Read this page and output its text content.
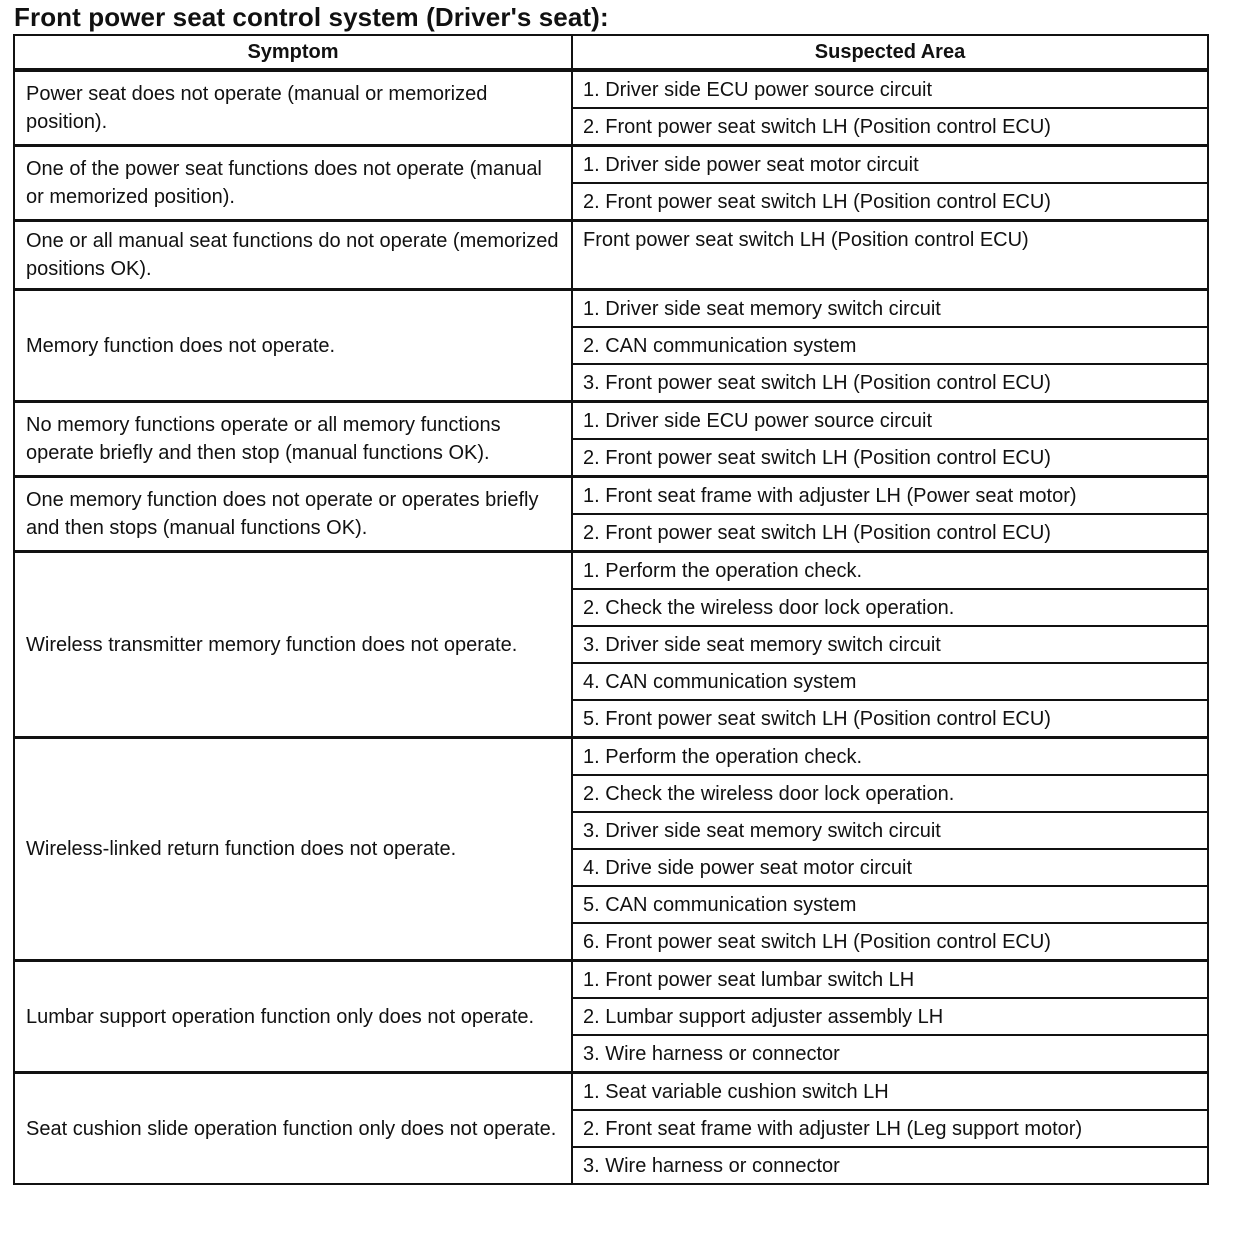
Front power seat control system (Driver's seat):
Symptom	Suspected Area
Power seat does not operate (manual or memorized position).	1. Driver side ECU power source circuit
	2. Front power seat switch LH (Position control ECU)
One of the power seat functions does not operate (manual or memorized position).	1. Driver side power seat motor circuit
	2. Front power seat switch LH (Position control ECU)
One or all manual seat functions do not operate (memorized positions OK).	Front power seat switch LH (Position control ECU)
Memory function does not operate.	1. Driver side seat memory switch circuit
	2. CAN communication system
	3. Front power seat switch LH (Position control ECU)
No memory functions operate or all memory functions operate briefly and then stop (manual functions OK).	1. Driver side ECU power source circuit
	2. Front power seat switch LH (Position control ECU)
One memory function does not operate or operates briefly and then stops (manual functions OK).	1. Front seat frame with adjuster LH (Power seat motor)
	2. Front power seat switch LH (Position control ECU)
Wireless transmitter memory function does not operate.	1. Perform the operation check.
	2. Check the wireless door lock operation.
	3. Driver side seat memory switch circuit
	4. CAN communication system
	5. Front power seat switch LH (Position control ECU)
Wireless-linked return function does not operate.	1. Perform the operation check.
	2. Check the wireless door lock operation.
	3. Driver side seat memory switch circuit
	4. Drive side power seat motor circuit
	5. CAN communication system
	6. Front power seat switch LH (Position control ECU)
Lumbar support operation function only does not operate.	1. Front power seat lumbar switch LH
	2. Lumbar support adjuster assembly LH
	3. Wire harness or connector
Seat cushion slide operation function only does not operate.	1. Seat variable cushion switch LH
	2. Front seat frame with adjuster LH (Leg support motor)
	3. Wire harness or connector
